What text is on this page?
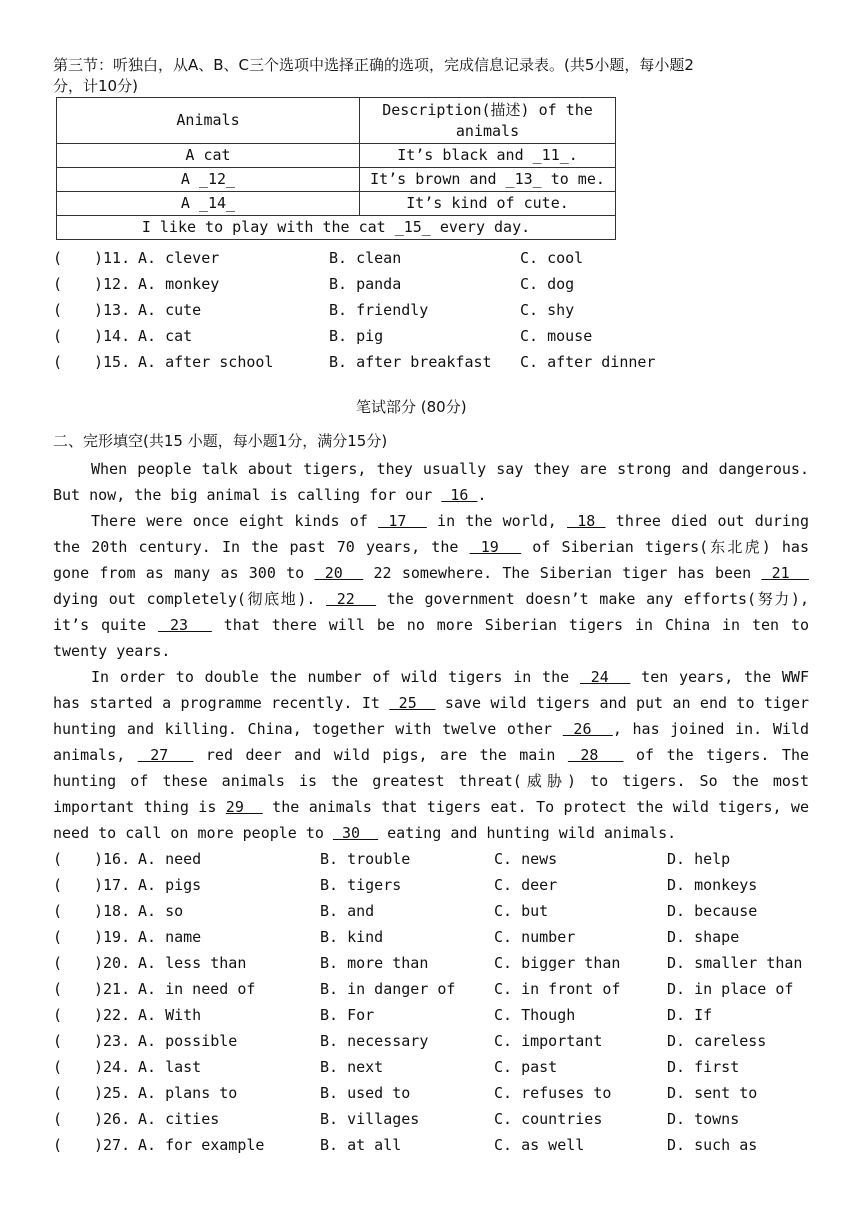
第三节：听独白，从A、B、C三个选项中选择正确的选项，完成信息记录表。(共5小题，每小题2
分，计10分)
Animals	Description(描述) of the
animals

A cat	It’s black and _11_.
A _12_	It’s brown and _13_ to me.
A _14_	It’s kind of cute.
I like to play with the cat _15_ every day.	
( )11. A. clever	B. clean	C. cool
( )12. A. monkey	B. panda	C. dog
( )13. A. cute	B. friendly	C. shy
( )14. A. cat	B. pig	C. mouse
( )15. A. after school	B. after breakfast C. after dinner
笔试部分 (80分)
二、完形填空(共15 小题，每小题1分，满分15分)
When people talk about tigers, they usually say they are strong and dangerous. But now, the big animal is calling for our  16 .
There were once eight kinds of  17   in the world,  18  three died out during the 20th century. In the past 70 years, the  19   of Siberian tigers(东北虎) has gone from as many as 300 to  20   22 somewhere. The Siberian tiger has been  21   dying out completely(彻底地).  22   the government doesn’t make any efforts(努力), it’s quite  23   that there will be no more Siberian tigers in China in ten to twenty years.
In order to double the number of wild tigers in the  24   ten years, the WWF has started a programme recently. It  25   save wild tigers and put an end to tiger hunting and killing. China, together with twelve other  26  , has joined in. Wild animals,  27   red deer and wild pigs, are the main  28   of the tigers. The hunting of these animals is the greatest threat(威胁) to tigers. So the most important thing is 29   the animals that tigers eat. To protect the wild tigers, we need to call on more people to  30   eating and hunting wild animals.
( )16. A. need	B. trouble	C. news	D. help
( )17. A. pigs	B. tigers	C. deer	D. monkeys
( )18. A. so	B. and	C. but	D. because
( )19. A. name	B. kind	C. number	D. shape
( )20. A. less than	B. more than	C. bigger than	D. smaller than
( )21. A. in need of	B. in danger of	C. in front of	D. in place of
( )22. A. With	B. For	C. Though	D. If
( )23. A. possible	B. necessary	C. important	D. careless
( )24. A. last	B. next	C. past	D. first
( )25. A. plans to	B. used to	C. refuses to	D. sent to
( )26. A. cities	B. villages	C. countries	D. towns
( )27. A. for example	B. at all	C. as well	D. such as
